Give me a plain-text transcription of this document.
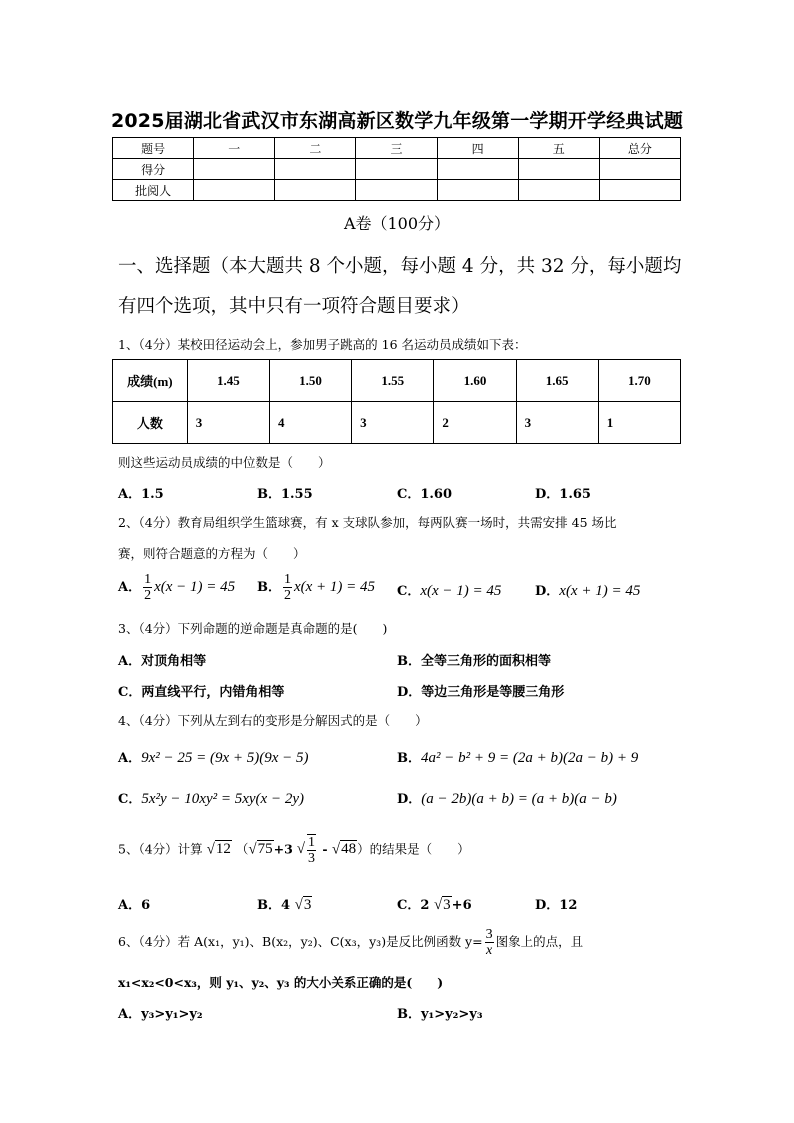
2025届湖北省武汉市东湖高新区数学九年级第一学期开学经典试题
题号	一	二	三	四	五	总分
得分						
批阅人						
A卷（100分）
一、选择题（本大题共 8 个小题，每小题 4 分，共 32 分，每小题均
有四个选项，其中只有一项符合题目要求）
1、（4分）某校田径运动会上，参加男子跳高的 16 名运动员成绩如下表：
成绩(m)	1.45	1.50	1.55	1.60	1.65	1.70
人数	3	4	3	2	3	1
则这些运动员成绩的中位数是（　　）
A．1.5	B．1.55	C．1.60	D．1.65
2、（4分）教育局组织学生篮球赛，有 x 支球队参加，每两队赛一场时，共需安排 45 场比
赛，则符合题意的方程为（　　）
A． $\frac{1}{2} x(x - 1) = 45$ B． $\frac{1}{2} x(x + 1) = 45$ C．x(x − 1) = 45	D．x(x + 1) = 45
3、（4分）下列命题的逆命题是真命题的是(　　)
A．对顶角相等	B．全等三角形的面积相等
C．两直线平行，内错角相等	D．等边三角形是等腰三角形
4、（4分）下列从左到右的变形是分解因式的是（　　）
A．9x² − 25 = (9x + 5)(9x − 5)	B．4a² − b² + 9 = (2a + b)(2a − b) + 9
C．5x²y − 10xy² = 5xy(x − 2y)	D．(a − 2b)(a + b) = (a + b)(a − b)
5、（4分）计算 √12 （√75+3 √ $\frac{1}{3} - √48$）的结果是（　　）
A．6	B．4 √3	C．2 √3+6	D．12
6、（4分）若 A(x₁，y₁)、B(x₂，y₂)、C(x₃，y₃)是反比例函数 $y= \frac{3}{x}$ 图象上的点，且
x₁<x₂<0<x₃，则 y₁、y₂、y₃ 的大小关系正确的是(　　)
A．y₃>y₁>y₂	B．y₁>y₂>y₃
